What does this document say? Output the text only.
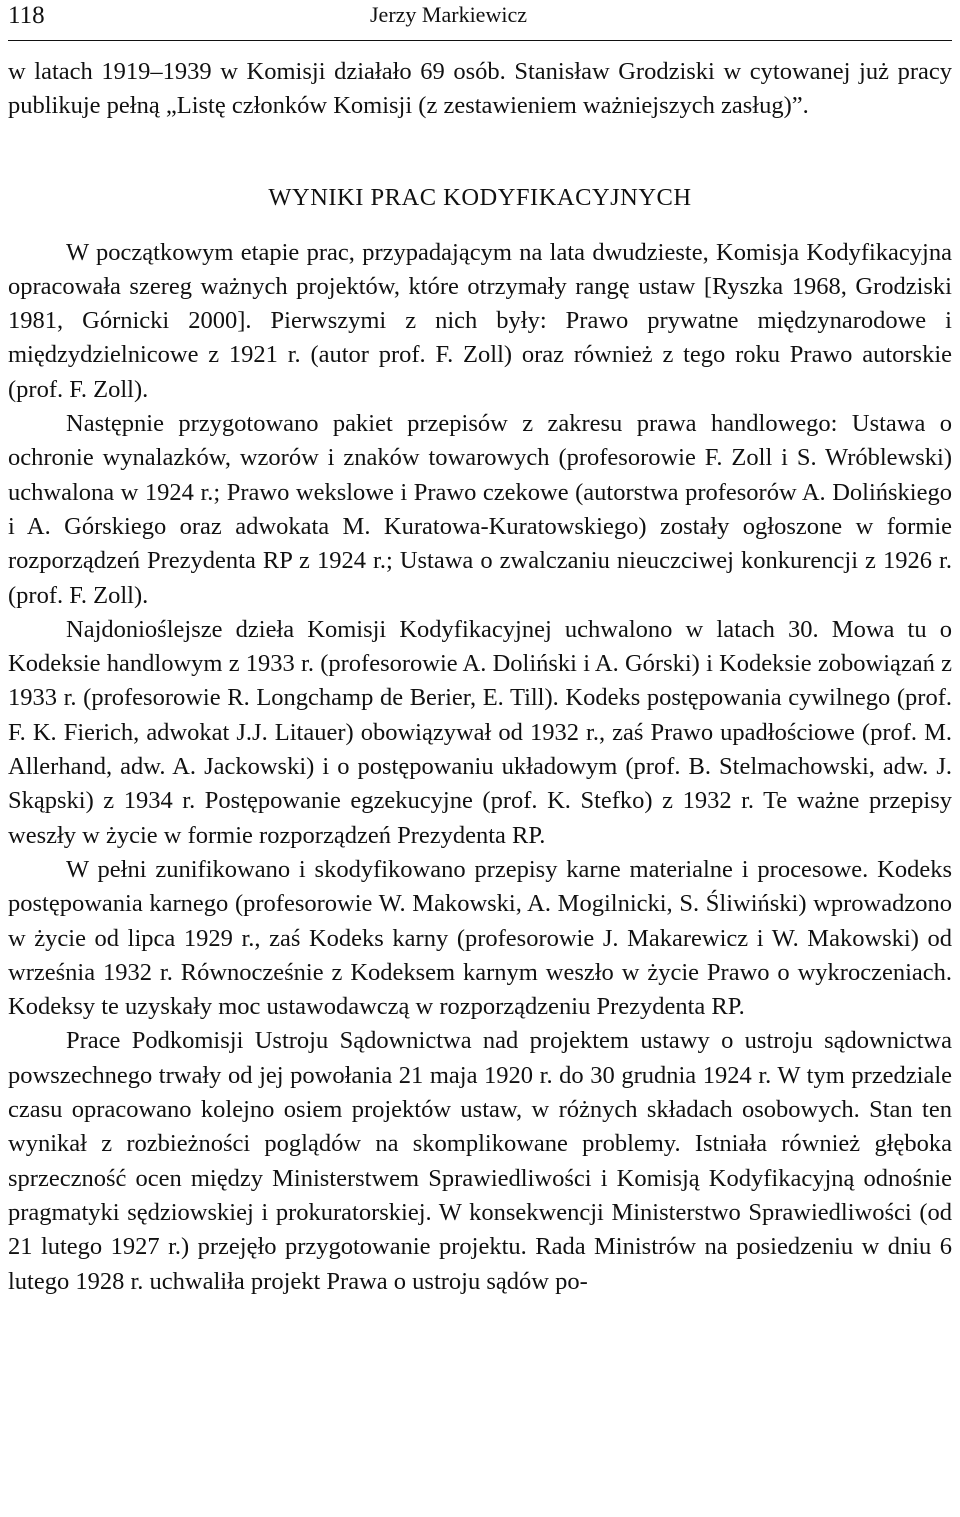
118	Jerzy Markiewicz

w latach 1919–1939 w Komisji działało 69 osób. Stanisław Grodziski w cytowanej już pracy publikuje pełną „Listę członków Komisji (z zestawieniem ważniejszych zasług)”.

WYNIKI PRAC KODYFIKACYJNYCH

W początkowym etapie prac, przypadającym na lata dwudzieste, Komisja Kodyfikacyjna opracowała szereg ważnych projektów, które otrzymały rangę ustaw [Ryszka 1968, Grodziski 1981, Górnicki 2000]. Pierwszymi z nich były: Prawo prywatne międzynarodowe i międzydzielnicowe z 1921 r. (autor prof. F. Zoll) oraz również z tego roku Prawo autorskie (prof. F. Zoll).

Następnie przygotowano pakiet przepisów z zakresu prawa handlowego: Ustawa o ochronie wynalazków, wzorów i znaków towarowych (profesorowie F. Zoll i S. Wróblewski) uchwalona w 1924 r.; Prawo wekslowe i Prawo czekowe (autorstwa profesorów A. Dolińskiego i A. Górskiego oraz adwokata M. Kuratowa-Kuratowskiego) zostały ogłoszone w formie rozporządzeń Prezydenta RP z 1924 r.; Ustawa o zwalczaniu nieuczciwej konkurencji z 1926 r. (prof. F. Zoll).

Najdonioślejsze dzieła Komisji Kodyfikacyjnej uchwalono w latach 30. Mowa tu o Kodeksie handlowym z 1933 r. (profesorowie A. Doliński i A. Górski) i Kodeksie zobowiązań z 1933 r. (profesorowie R. Longchamp de Berier, E. Till). Kodeks postępowania cywilnego (prof. F. K. Fierich, adwokat J.J. Litauer) obowiązywał od 1932 r., zaś Prawo upadłościowe (prof. M. Allerhand, adw. A. Jackowski) i o postępowaniu układowym (prof. B. Stelmachowski, adw. J. Skąpski) z 1934 r. Postępowanie egzekucyjne (prof. K. Stefko) z 1932 r. Te ważne przepisy weszły w życie w formie rozporządzeń Prezydenta RP.

W pełni zunifikowano i skodyfikowano przepisy karne materialne i procesowe. Kodeks postępowania karnego (profesorowie W. Makowski, A. Mogilnicki, S. Śliwiński) wprowadzono w życie od lipca 1929 r., zaś Kodeks karny (profesorowie J. Makarewicz i W. Makowski) od września 1932 r. Równocześnie z Kodeksem karnym weszło w życie Prawo o wykroczeniach. Kodeksy te uzyskały moc ustawodawczą w rozporządzeniu Prezydenta RP.

Prace Podkomisji Ustroju Sądownictwa nad projektem ustawy o ustroju sądownictwa powszechnego trwały od jej powołania 21 maja 1920 r. do 30 grudnia 1924 r. W tym przedziale czasu opracowano kolejno osiem projektów ustaw, w różnych składach osobowych. Stan ten wynikał z rozbieżności poglądów na skomplikowane problemy. Istniała również głęboka sprzeczność ocen między Ministerstwem Sprawiedliwości i Komisją Kodyfikacyjną odnośnie pragmatyki sędziowskiej i prokuratorskiej. W konsekwencji Ministerstwo Sprawiedliwości (od 21 lutego 1927 r.) przejęło przygotowanie projektu. Rada Ministrów na posiedzeniu w dniu 6 lutego 1928 r. uchwaliła projekt Prawa o ustroju sądów po-
